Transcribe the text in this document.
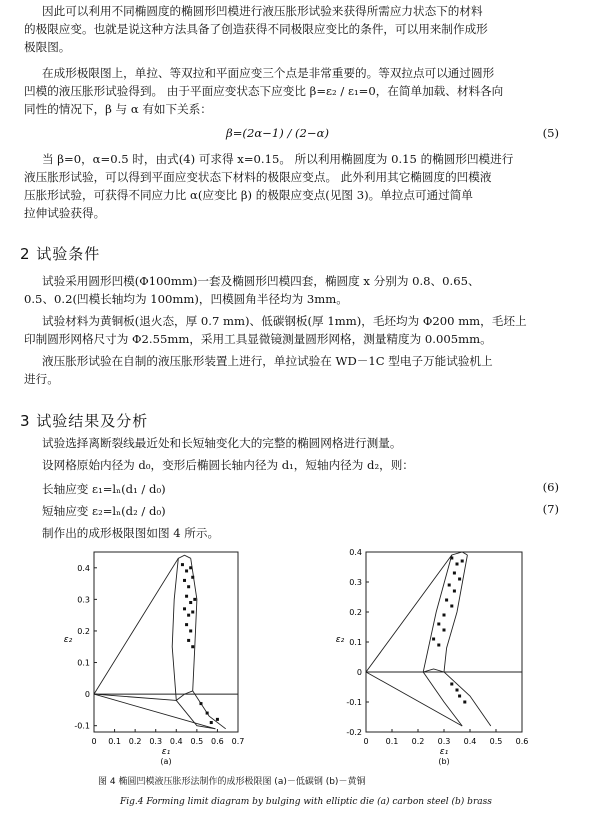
因此可以利用不同椭圆度的椭圆形凹模进行液压胀形试验来获得所需应力状态下的材料
的极限应变。也就是说这种方法具备了创造获得不同极限应变比的条件，可以用来制作成形
极限图。
在成形极限图上，单拉、等双拉和平面应变三个点是非常重要的。等双拉点可以通过圆形
凹模的液压胀形试验得到。 由于平面应变状态下应变比 β=ε₂ / ε₁=0，在简单加载、材料各向
同性的情况下，β 与 α 有如下关系：
β=(2α−1) / (2−α)	(5)
当 β=0，α=0.5 时，由式(4) 可求得 x=0.15。 所以利用椭圆度为 0.15 的椭圆形凹模进行
液压胀形试验，可以得到平面应变状态下材料的极限应变点。 此外利用其它椭圆度的凹模液
压胀形试验，可获得不同应力比 α(应变比 β) 的极限应变点(见图 3)。单拉点可通过简单
拉伸试验获得。
2 试验条件
试验采用圆形凹模(Φ100mm)一套及椭圆形凹模四套，椭圆度 x 分别为 0.8、0.65、
0.5、0.2(凹模长轴均为 100mm)，凹模圆角半径均为 3mm。
试验材料为黄铜板(退火态，厚 0.7 mm)、低碳钢板(厚 1mm)，毛坯均为 Φ200 mm，毛坯上
印制圆形网格尺寸为 Φ2.55mm，采用工具显微镜测量圆形网格，测量精度为 0.005mm。
液压胀形试验在自制的液压胀形装置上进行，单拉试验在 WD－1C 型电子万能试验机上
进行。
3 试验结果及分析
试验选择离断裂线最近处和长短轴变化大的完整的椭圆网格进行测量。
设网格原始内径为 d₀，变形后椭圆长轴内径为 d₁，短轴内径为 d₂，则：
长轴应变 ε₁=lₙ(d₁ / d₀)	(6)
短轴应变 ε₂=lₙ(d₂ / d₀)	(7)
制作出的成形极限图如图 4 所示。
0 0.1 0.2 0.3 0.4 0.5 0.6 0.7
-0.1
0
0.1
0.2
0.3
0.4
ε₁
ε₂
(a)
0 0.1 0.2 0.3 0.4 0.5 0.6
-0.2
-0.1
0
0.1
0.2
0.3
0.4
ε₁
ε₂
(b)
图 4 椭圆凹模液压胀形法制作的成形极限图 (a)－低碳钢 (b)－黄铜
Fig.4 Forming limit diagram by bulging with elliptic die (a) carbon steel (b) brass
